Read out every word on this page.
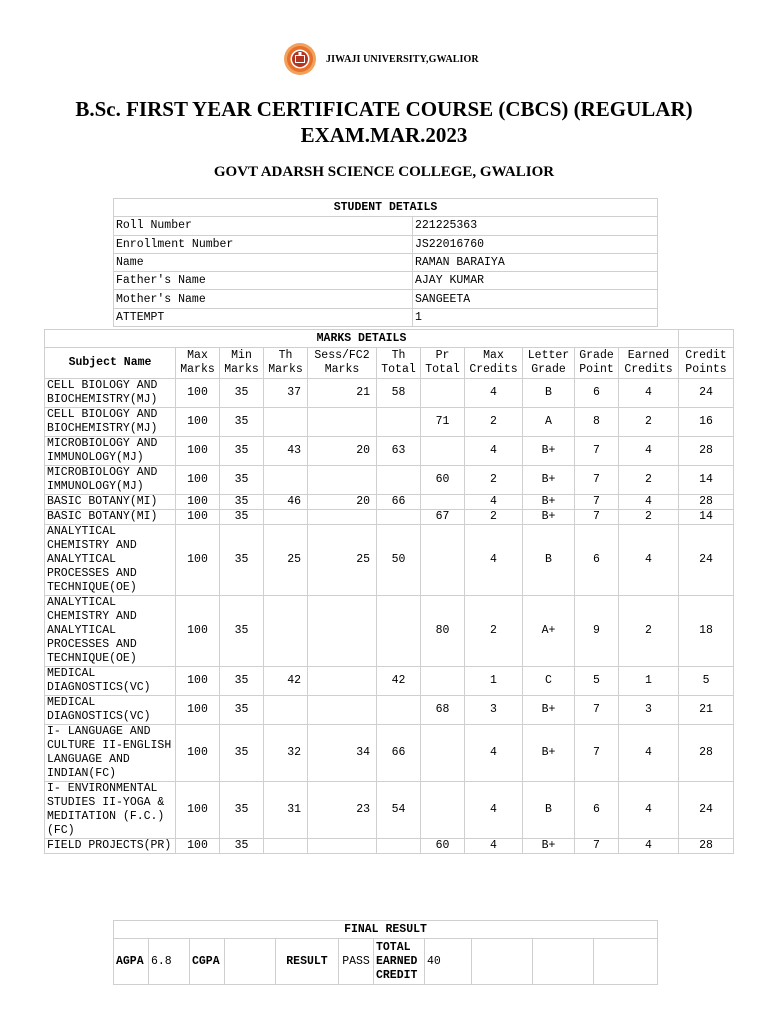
JIWAJI UNIVERSITY,GWALIOR
B.Sc. FIRST YEAR CERTIFICATE COURSE (CBCS) (REGULAR)
EXAM.MAR.2023
GOVT ADARSH SCIENCE COLLEGE, GWALIOR
STUDENT DETAILS	
Roll Number	221225363
Enrollment Number	JS22016760
Name	RAMAN BARAIYA
Father's Name	AJAY KUMAR
Mother's Name	SANGEETA
ATTEMPT	1
MARKS DETAILS											
Subject Name	Max Marks	Min Marks	Th Marks	Sess/FC2 Marks	Th Total	Pr Total	Max Credits	Letter Grade	Grade Point	Earned Credits	Credit Points
CELL BIOLOGY AND BIOCHEMISTRY(MJ)	100	35	37	21	58		4	B	6	4	24
CELL BIOLOGY AND BIOCHEMISTRY(MJ)	100	35				71	2	A	8	2	16
MICROBIOLOGY AND IMMUNOLOGY(MJ)	100	35	43	20	63		4	B+	7	4	28
MICROBIOLOGY AND IMMUNOLOGY(MJ)	100	35				60	2	B+	7	2	14
BASIC BOTANY(MI)	100	35	46	20	66		4	B+	7	4	28
BASIC BOTANY(MI)	100	35				67	2	B+	7	2	14
ANALYTICAL CHEMISTRY AND ANALYTICAL PROCESSES AND TECHNIQUE(OE)	100	35	25	25	50		4	B	6	4	24
ANALYTICAL CHEMISTRY AND ANALYTICAL PROCESSES AND TECHNIQUE(OE)	100	35				80	2	A+	9	2	18
MEDICAL DIAGNOSTICS(VC)	100	35	42		42		1	C	5	1	5
MEDICAL DIAGNOSTICS(VC)	100	35				68	3	B+	7	3	21
I- LANGUAGE AND CULTURE II-ENGLISH LANGUAGE AND INDIAN(FC)	100	35	32	34	66		4	B+	7	4	28
I- ENVIRONMENTAL STUDIES II-YOGA & MEDITATION (F.C.)(FC)	100	35	31	23	54		4	B	6	4	24
FIELD PROJECTS(PR)	100	35				60	4	B+	7	4	28
FINAL RESULT
AGPA	6.8	CGPA		RESULT	PASS	TOTAL EARNED CREDIT	40			
